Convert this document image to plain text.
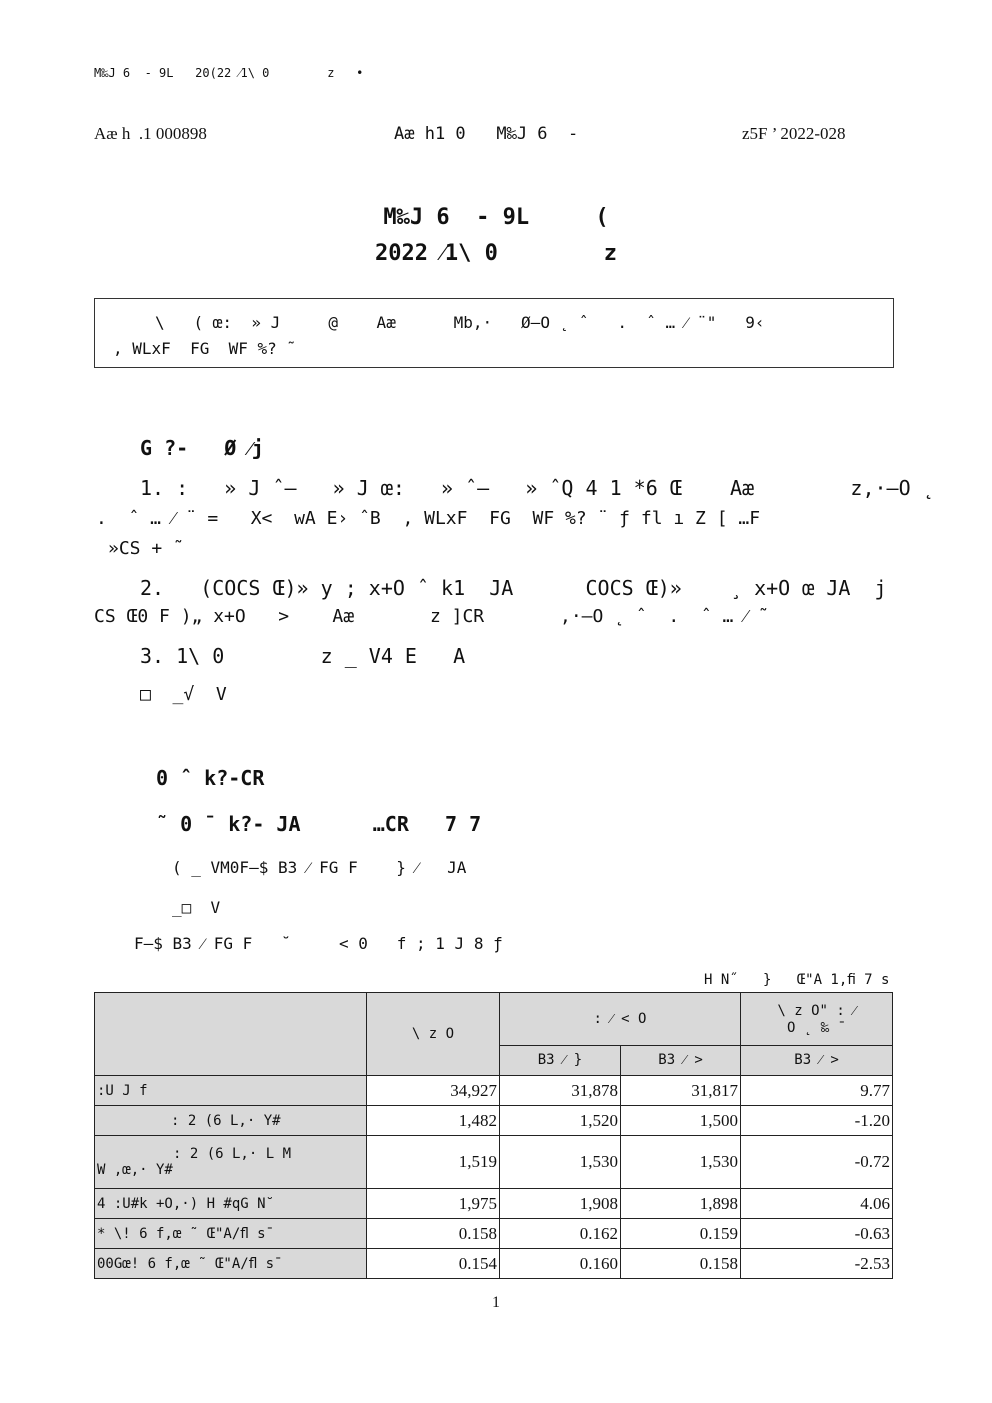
M‰J 6  - 9L   20(22 ⁄1\ 0        z   •
Aæ h  .1 000898	Aæ h1 0   M‰J 6  -	z5F ’ 2022-028
M‰J 6  - 9L     (
2022 ⁄1\ 0        z
\   ( œ:  » J     @    Aæ      Mb,·   Ø–O ˛ ˆ   .  ˆ … ⁄ ¨"   9‹
, WLxF  FG  WF %? ˜
G ?-   Ø ⁄j
1. :   » J ˆ–   » J œ:   » ˆ–   » ˆQ 4 1 *6 Œ    Aæ        z,·–O ˛
.  ˆ … ⁄ ¨ =   X<  wA E› ˆB  , WLxF  FG  WF %? ¨ ƒ fl ı Z [ …F
»CS + ˜
2.   (COCS Œ)» y ; x+O ˆ k1  JA      COCS Œ)»    ¸ x+O œ JA  j
CS Œ0 F )„ x+O   >    Aæ       z ]CR       ,·–O ˛ ˆ  .  ˆ … ⁄ ˜
3. 1\ 0        z _ V4 E   A
□  _√  V
0 ˆ k?-CR
˜ 0 ¯ k?- JA      …CR   7 7
( _ VM0F–$ B3 ⁄ FG F    } ⁄   JA
_□  V
F–$ B3 ⁄ FG F   ˘     < 0   f ; 1 J 8 ƒ
H N˝   }   Œ"A 1,ﬁ 7 s
	\ z O	: ⁄ < O		\ z O" : ⁄
O ˛ ‰ ¯

		B3 ⁄ }	B3 ⁄ >	B3 ⁄ >
:U J f	34,927	31,878	31,817	9.77
: 2 (6 L,· Y#	1,482	1,520	1,500	-1.20

: 2 (6 L,· L M
W ,œ,· Y#	1,519	1,530	1,530	-0.72
4 :U#k +O,·) H #qG N˘	1,975	1,908	1,898	4.06
* \! 6 f,œ ˜ Œ"A/ﬂ s¯	0.158	0.162	0.159	-0.63
00Gœ! 6 f,œ ˜ Œ"A/ﬂ s¯	0.154	0.160	0.158	-2.53
1
